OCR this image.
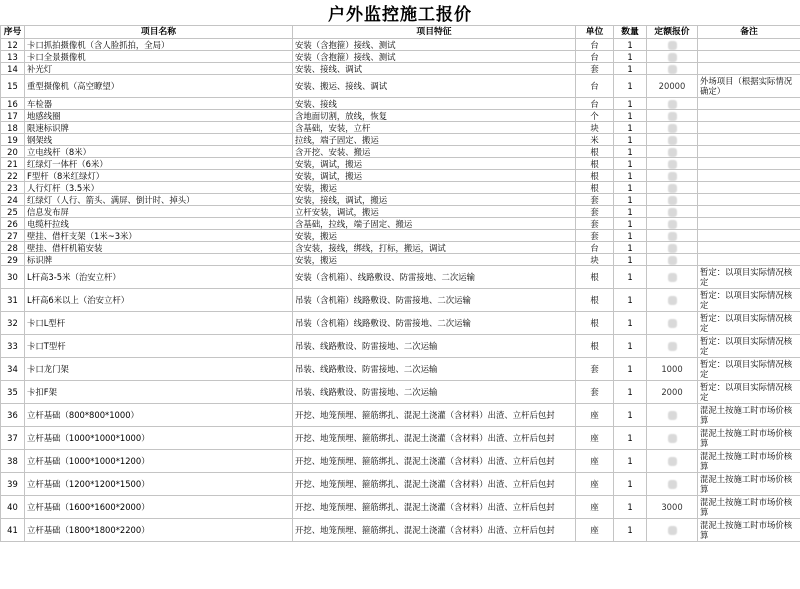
户外监控施工报价
序号	项目名称	项目特征	单位	数量	定额报价	备注
12	卡口抓拍摄像机（含人脸抓拍，全局）	安装（含抱箍）接线、测试	台	1		
13	卡口全景摄像机	安装（含抱箍）接线、测试	台	1		
14	补光灯	安装、接线、调试	套	1		
15	重型摄像机（高空瞭望）	安装、搬运、接线、调试	台	1	20000	外场项目（根据实际情况确定）
16	车检器	安装、接线	台	1		
17	地感线圈	含地面切割，放线，恢复	个	1		
18	限速标识牌	含基础，安装，立杆	块	1		
19	钢架线	拉线，端子固定、搬运	米	1		
20	立电线杆（8米）	含开挖、安装、搬运	根	1		
21	红绿灯一体杆（6米）	安装，调试，搬运	根	1		
22	F型杆（8米红绿灯）	安装，调试，搬运	根	1		
23	人行灯杆（3.5米）	安装，搬运	根	1		
24	红绿灯（人行、箭头、满屏、倒计时、掉头）	安装，接线，调试，搬运	套	1		
25	信息发布屏	立杆安装，调试，搬运	套	1		
26	电缆杆拉线	含基础，拉线，端子固定、搬运	套	1		
27	壁挂、借杆支架（1米~3米）	安装，搬运	套	1		
28	壁挂、借杆机箱安装	含安装，接线，绑线，打标，搬运，调试	台	1		
29	标识牌	安装，搬运	块	1		
30	L杆高3-5米（治安立杆）	安装（含机箱）、线路敷设、防雷接地、二次运输	根	1		暂定：以项目实际情况核定
31	L杆高6米以上（治安立杆）	吊装（含机箱）线路敷设、防雷接地、二次运输	根	1		暂定：以项目实际情况核定
32	卡口L型杆	吊装（含机箱）线路敷设、防雷接地、二次运输	根	1		暂定：以项目实际情况核定
33	卡口T型杆	吊装、线路敷设、防雷接地、二次运输	根	1		暂定：以项目实际情况核定
34	卡口龙门架	吊装、线路敷设、防雷接地、二次运输	套	1	1000	暂定：以项目实际情况核定
35	卡扣F架	吊装、线路敷设、防雷接地、二次运输	套	1	2000	暂定：以项目实际情况核定
36	立杆基础（800*800*1000）	开挖、地笼预埋、箍筋绑扎、混泥土浇灌（含材料）出渣、立杆后包封	座	1		混泥土按施工时市场价核算
37	立杆基础（1000*1000*1000）	开挖、地笼预埋、箍筋绑扎、混泥土浇灌（含材料）出渣、立杆后包封	座	1		混泥土按施工时市场价核算
38	立杆基础（1000*1000*1200）	开挖、地笼预埋、箍筋绑扎、混泥土浇灌（含材料）出渣、立杆后包封	座	1		混泥土按施工时市场价核算
39	立杆基础（1200*1200*1500）	开挖、地笼预埋、箍筋绑扎、混泥土浇灌（含材料）出渣、立杆后包封	座	1		混泥土按施工时市场价核算
40	立杆基础（1600*1600*2000）	开挖、地笼预埋、箍筋绑扎、混泥土浇灌（含材料）出渣、立杆后包封	座	1	3000	混泥土按施工时市场价核算
41	立杆基础（1800*1800*2200）	开挖、地笼预埋、箍筋绑扎、混泥土浇灌（含材料）出渣、立杆后包封	座	1		混泥土按施工时市场价核算
